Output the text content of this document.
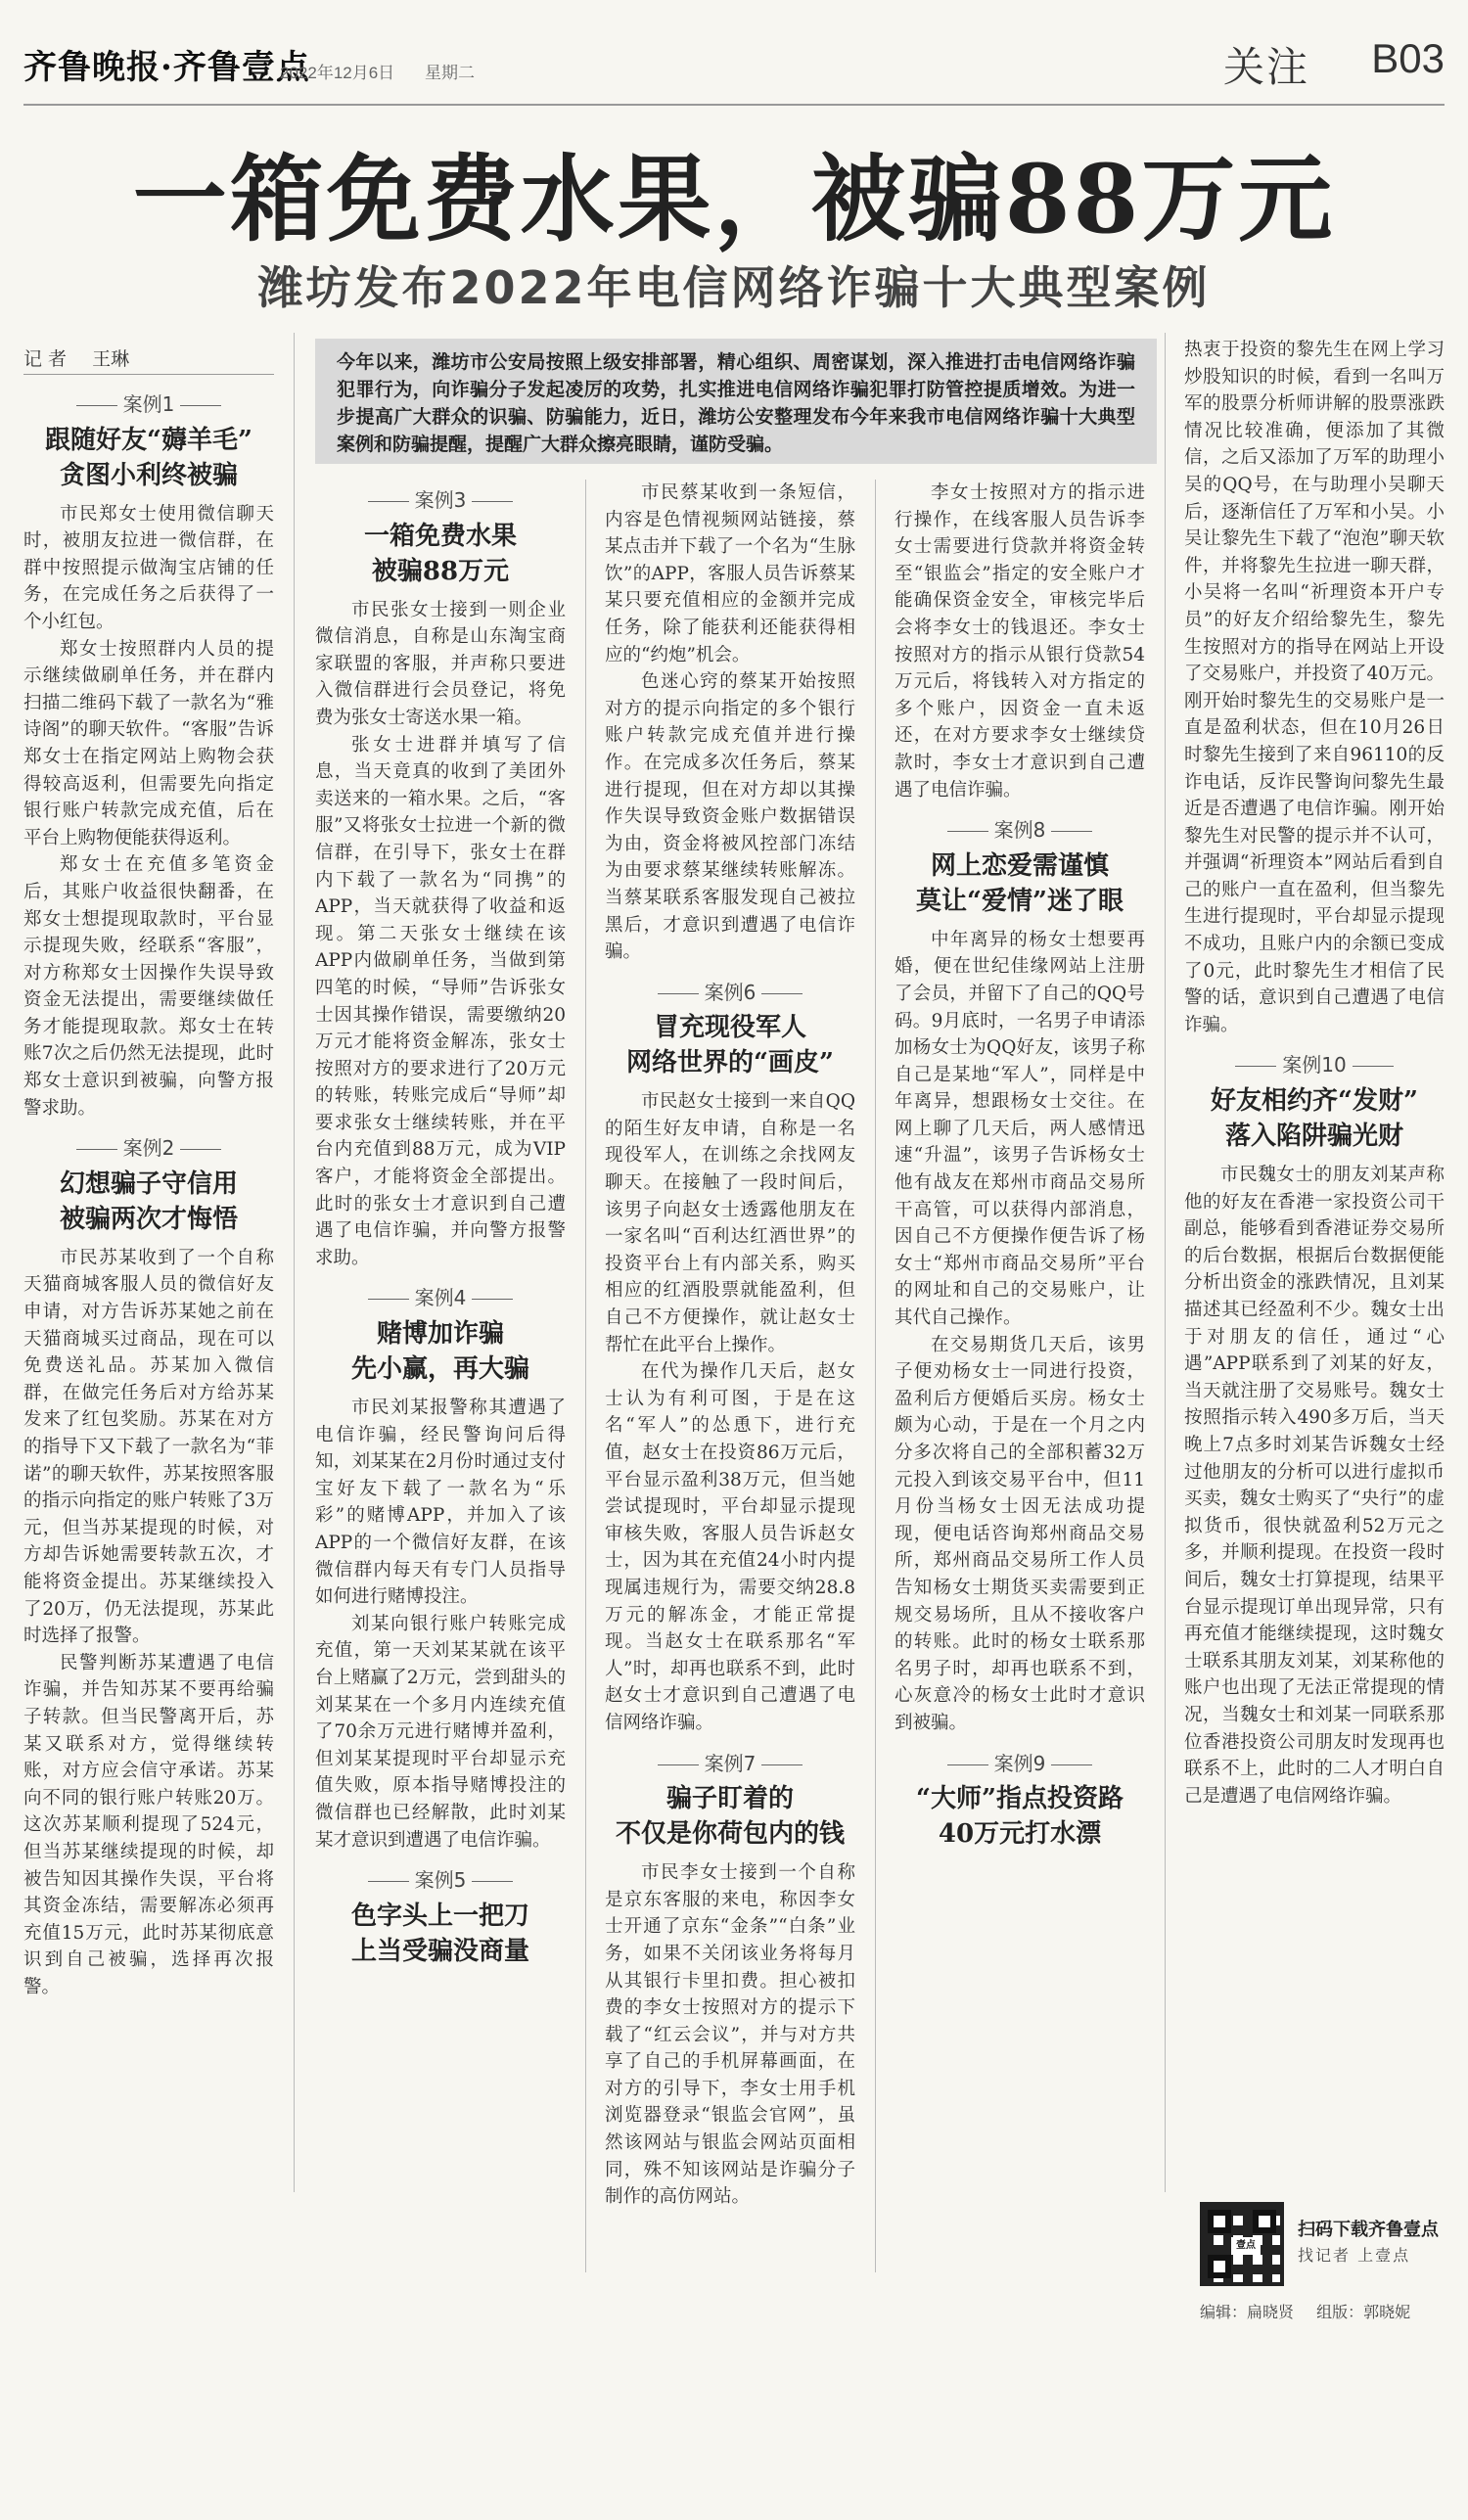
齐鲁晚报·齐鲁壹点
2022年12月6日 星期二	关注 B03
一箱免费水果，被骗88万元
潍坊发布2022年电信网络诈骗十大典型案例
记者 王琳	今年以来，潍坊市公安局按照上级安排部署，精心组织、周密谋划，深入推进打击电信网络诈骗犯罪行为，向诈骗分子发起凌厉的攻势，扎实推进电信网络诈骗犯罪打防管控提质增效。为进一步提高广大群众的识骗、防骗能力，近日，潍坊公安整理发布今年来我市电信网络诈骗十大典型案例和防骗提醒，提醒广大群众擦亮眼睛，谨防受骗。
案例1
跟随好友“薅羊毛”
贪图小利终被骗

市民郑女士使用微信聊天时，被朋友拉进一微信群，在群中按照提示做淘宝店铺的任务，在完成任务之后获得了一个小红包。

郑女士按照群内人员的提示继续做刷单任务，并在群内扫描二维码下载了一款名为“雅诗阁”的聊天软件。“客服”告诉郑女士在指定网站上购物会获得较高返利，但需要先向指定银行账户转款完成充值，后在平台上购物便能获得返利。

郑女士在充值多笔资金后，其账户收益很快翻番，在郑女士想提现取款时，平台显示提现失败，经联系“客服”，对方称郑女士因操作失误导致资金无法提出，需要继续做任务才能提现取款。郑女士在转账7次之后仍然无法提现，此时郑女士意识到被骗，向警方报警求助。

案例2
幻想骗子守信用
被骗两次才悔悟

市民苏某收到了一个自称天猫商城客服人员的微信好友申请，对方告诉苏某她之前在天猫商城买过商品，现在可以免费送礼品。苏某加入微信群，在做完任务后对方给苏某发来了红包奖励。苏某在对方的指导下又下载了一款名为“菲诺”的聊天软件，苏某按照客服的指示向指定的账户转账了3万元，但当苏某提现的时候，对方却告诉她需要转款五次，才能将资金提出。苏某继续投入了20万，仍无法提现，苏某此时选择了报警。

民警判断苏某遭遇了电信诈骗，并告知苏某不要再给骗子转款。但当民警离开后，苏某又联系对方，觉得继续转账，对方应会信守承诺。苏某向不同的银行账户转账20万。这次苏某顺利提现了524元，但当苏某继续提现的时候，却被告知因其操作失误，平台将其资金冻结，需要解冻必须再充值15万元，此时苏某彻底意识到自己被骗，选择再次报警。

案例3
一箱免费水果
被骗88万元

市民张女士接到一则企业微信消息，自称是山东淘宝商家联盟的客服，并声称只要进入微信群进行会员登记，将免费为张女士寄送水果一箱。

张女士进群并填写了信息，当天竟真的收到了美团外卖送来的一箱水果。之后，“客服”又将张女士拉进一个新的微信群，在引导下，张女士在群内下载了一款名为“同携”的APP，当天就获得了收益和返现。第二天张女士继续在该APP内做刷单任务，当做到第四笔的时候，“导师”告诉张女士因其操作错误，需要缴纳20万元才能将资金解冻，张女士按照对方的要求进行了20万元的转账，转账完成后“导师”却要求张女士继续转账，并在平台内充值到88万元，成为VIP客户，才能将资金全部提出。此时的张女士才意识到自己遭遇了电信诈骗，并向警方报警求助。

案例4
赌博加诈骗
先小赢，再大骗

市民刘某报警称其遭遇了电信诈骗，经民警询问后得知，刘某某在2月份时通过支付宝好友下载了一款名为“乐彩”的赌博APP，并加入了该APP的一个微信好友群，在该微信群内每天有专门人员指导如何进行赌博投注。

刘某向银行账户转账完成充值，第一天刘某某就在该平台上赌赢了2万元，尝到甜头的刘某某在一个多月内连续充值了70余万元进行赌博并盈利，但刘某某提现时平台却显示充值失败，原本指导赌博投注的微信群也已经解散，此时刘某某才意识到遭遇了电信诈骗。

案例5
色字头上一把刀
上当受骗没商量

市民蔡某收到一条短信，内容是色情视频网站链接，蔡某点击并下载了一个名为“生脉饮”的APP，客服人员告诉蔡某某只要充值相应的金额并完成任务，除了能获利还能获得相应的“约炮”机会。

色迷心窍的蔡某开始按照对方的提示向指定的多个银行账户转款完成充值并进行操作。在完成多次任务后，蔡某进行提现，但在对方却以其操作失误导致资金账户数据错误为由，资金将被风控部门冻结为由要求蔡某继续转账解冻。当蔡某联系客服发现自己被拉黑后，才意识到遭遇了电信诈骗。

案例6
冒充现役军人
网络世界的“画皮”

市民赵女士接到一来自QQ的陌生好友申请，自称是一名现役军人，在训练之余找网友聊天。在接触了一段时间后，该男子向赵女士透露他朋友在一家名叫“百利达红酒世界”的投资平台上有内部关系，购买相应的红酒股票就能盈利，但自己不方便操作，就让赵女士帮忙在此平台上操作。

在代为操作几天后，赵女士认为有利可图，于是在这名“军人”的怂恿下，进行充值，赵女士在投资86万元后，平台显示盈利38万元，但当她尝试提现时，平台却显示提现审核失败，客服人员告诉赵女士，因为其在充值24小时内提现属违规行为，需要交纳28.8万元的解冻金，才能正常提现。当赵女士在联系那名“军人”时，却再也联系不到，此时赵女士才意识到自己遭遇了电信网络诈骗。

案例7
骗子盯着的
不仅是你荷包内的钱

市民李女士接到一个自称是京东客服的来电，称因李女士开通了京东“金条”“白条”业务，如果不关闭该业务将每月从其银行卡里扣费。担心被扣费的李女士按照对方的提示下载了“红云会议”，并与对方共享了自己的手机屏幕画面，在对方的引导下，李女士用手机浏览器登录“银监会官网”，虽然该网站与银监会网站页面相同，殊不知该网站是诈骗分子制作的高仿网站。

李女士按照对方的指示进行操作，在线客服人员告诉李女士需要进行贷款并将资金转至“银监会”指定的安全账户才能确保资金安全，审核完毕后会将李女士的钱退还。李女士按照对方的指示从银行贷款54万元后，将钱转入对方指定的多个账户，因资金一直未返还，在对方要求李女士继续贷款时，李女士才意识到自己遭遇了电信诈骗。

案例8
网上恋爱需谨慎
莫让“爱情”迷了眼

中年离异的杨女士想要再婚，便在世纪佳缘网站上注册了会员，并留下了自己的QQ号码。9月底时，一名男子申请添加杨女士为QQ好友，该男子称自己是某地“军人”，同样是中年离异，想跟杨女士交往。在网上聊了几天后，两人感情迅速“升温”，该男子告诉杨女士他有战友在郑州市商品交易所干高管，可以获得内部消息，因自己不方便操作便告诉了杨女士“郑州市商品交易所”平台的网址和自己的交易账户，让其代自己操作。

在交易期货几天后，该男子便劝杨女士一同进行投资，盈利后方便婚后买房。杨女士颇为心动，于是在一个月之内分多次将自己的全部积蓄32万元投入到该交易平台中，但11月份当杨女士因无法成功提现，便电话咨询郑州商品交易所，郑州商品交易所工作人员告知杨女士期货买卖需要到正规交易场所，且从不接收客户的转账。此时的杨女士联系那名男子时，却再也联系不到，心灰意冷的杨女士此时才意识到被骗。

案例9
“大师”指点投资路
40万元打水漂

热衷于投资的黎先生在网上学习炒股知识的时候，看到一名叫万军的股票分析师讲解的股票涨跌情况比较准确，便添加了其微信，之后又添加了万军的助理小吴的QQ号，在与助理小吴聊天后，逐渐信任了万军和小吴。小吴让黎先生下载了“泡泡”聊天软件，并将黎先生拉进一聊天群，小吴将一名叫“祈理资本开户专员”的好友介绍给黎先生，黎先生按照对方的指导在网站上开设了交易账户，并投资了40万元。刚开始时黎先生的交易账户是一直是盈利状态，但在10月26日时黎先生接到了来自96110的反诈电话，反诈民警询问黎先生最近是否遭遇了电信诈骗。刚开始黎先生对民警的提示并不认可，并强调“祈理资本”网站后看到自己的账户一直在盈利，但当黎先生进行提现时，平台却显示提现不成功，且账户内的余额已变成了0元，此时黎先生才相信了民警的话，意识到自己遭遇了电信诈骗。

案例10
好友相约齐“发财”
落入陷阱骗光财

市民魏女士的朋友刘某声称他的好友在香港一家投资公司干副总，能够看到香港证券交易所的后台数据，根据后台数据便能分析出资金的涨跌情况，且刘某描述其已经盈利不少。魏女士出于对朋友的信任，通过“心遇”APP联系到了刘某的好友，当天就注册了交易账号。魏女士按照指示转入490多万后，当天晚上7点多时刘某告诉魏女士经过他朋友的分析可以进行虚拟币买卖，魏女士购买了“央行”的虚拟货币，很快就盈利52万元之多，并顺利提现。在投资一段时间后，魏女士打算提现，结果平台显示提现订单出现异常，只有再充值才能继续提现，这时魏女士联系其朋友刘某，刘某称他的账户也出现了无法正常提现的情况，当魏女士和刘某一同联系那位香港投资公司朋友时发现再也联系不上，此时的二人才明白自己是遭遇了电信网络诈骗。

壹点
扫码下载齐鲁壹点
找记者 上壹点
编辑：扁晓贤 组版：郭晓妮
